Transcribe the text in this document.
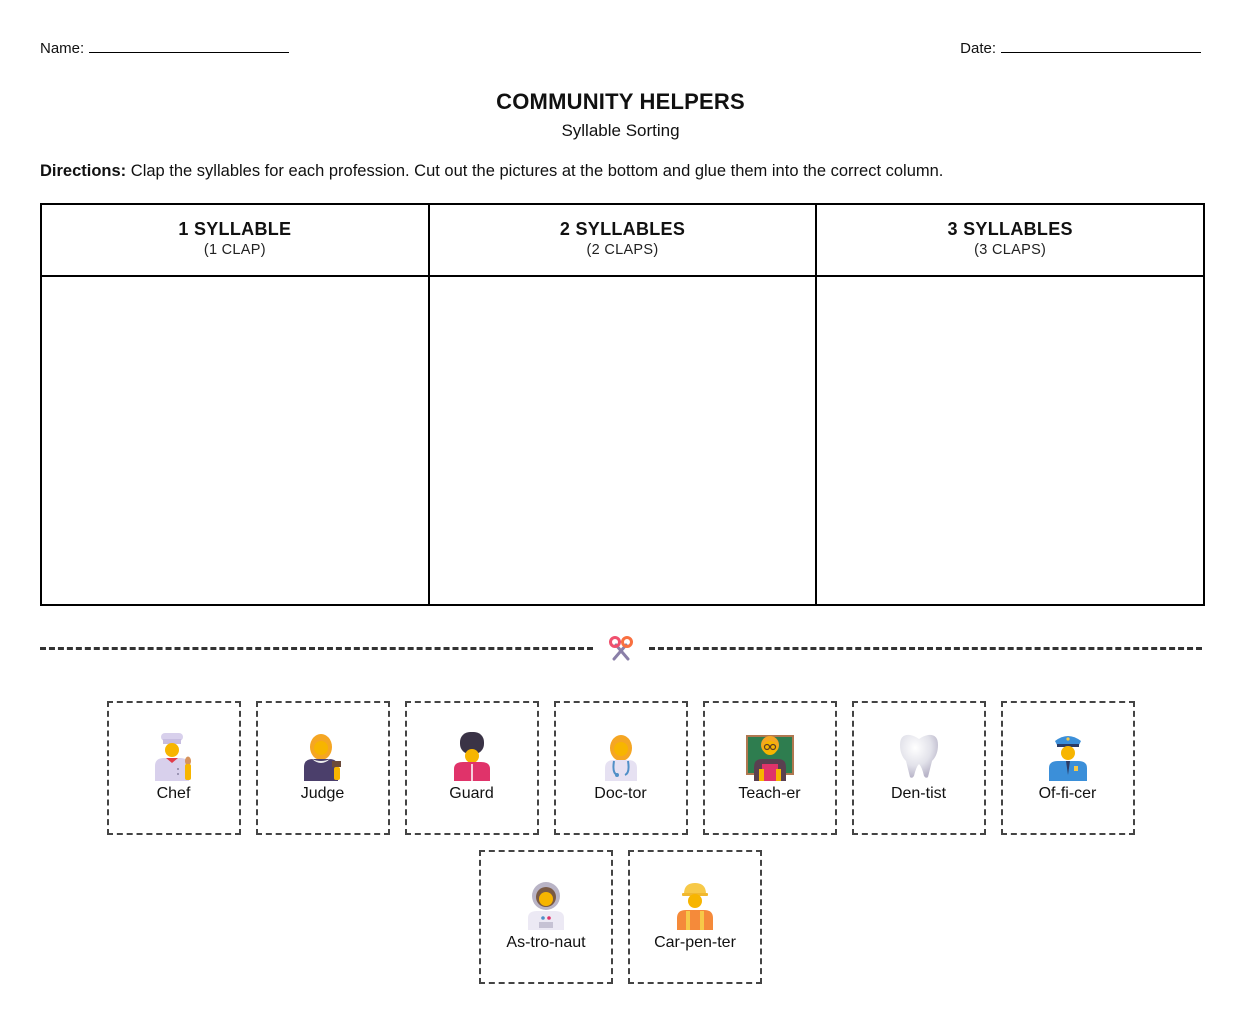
Name:	Date:
COMMUNITY HELPERS
Syllable Sorting
Directions: Clap the syllables for each profession. Cut out the pictures at the bottom and glue them into the correct column.
1 SYLLABLE
(1 CLAP)
2 SYLLABLES
(2 CLAPS)
3 SYLLABLES
(3 CLAPS)
Chef	Judge	Guard	Doc-tor	Teach-er	Den-tist	Of-fi-cer
As-tro-naut	Car-pen-ter
